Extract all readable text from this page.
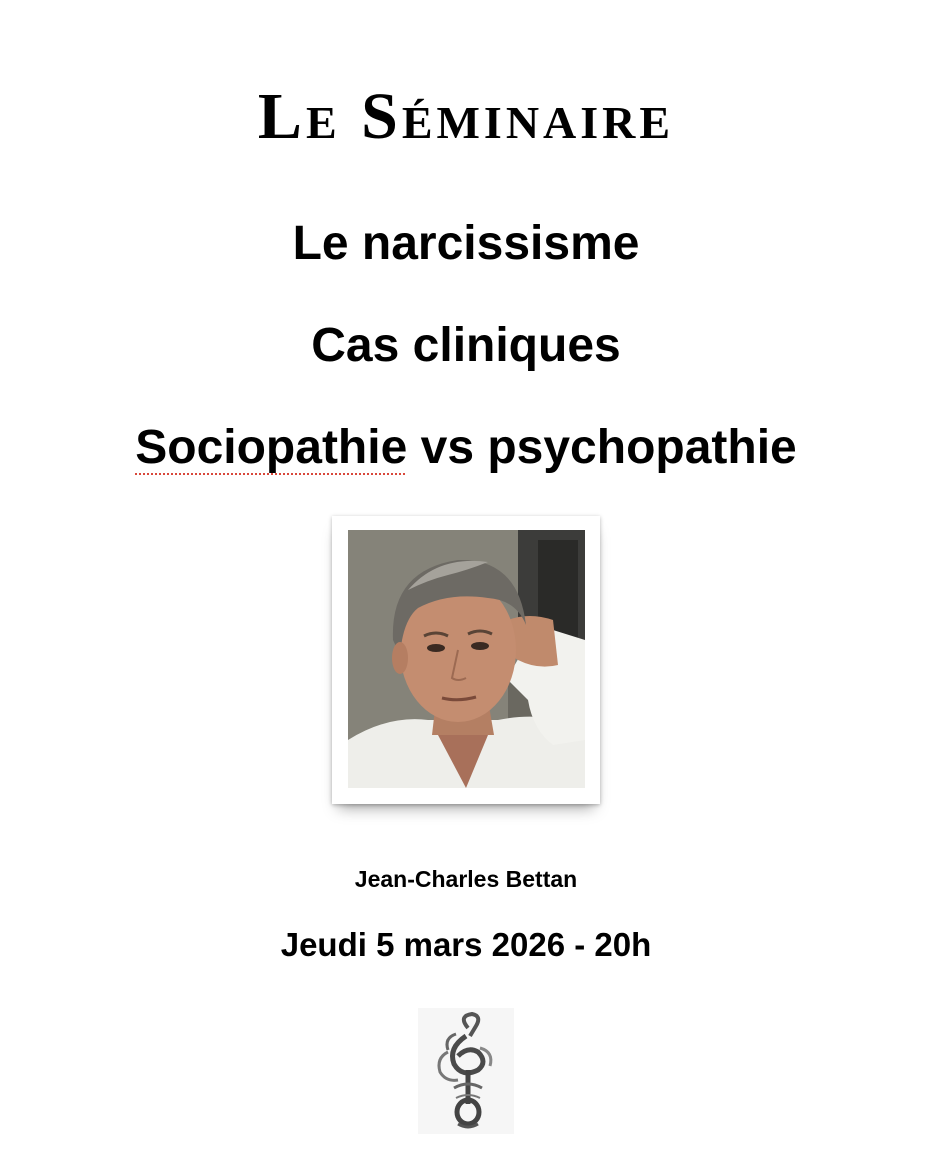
Le Séminaire
Le narcissisme
Cas cliniques
Sociopathie vs psychopathie
Jean-Charles Bettan
Jeudi 5 mars 2026 - 20h
